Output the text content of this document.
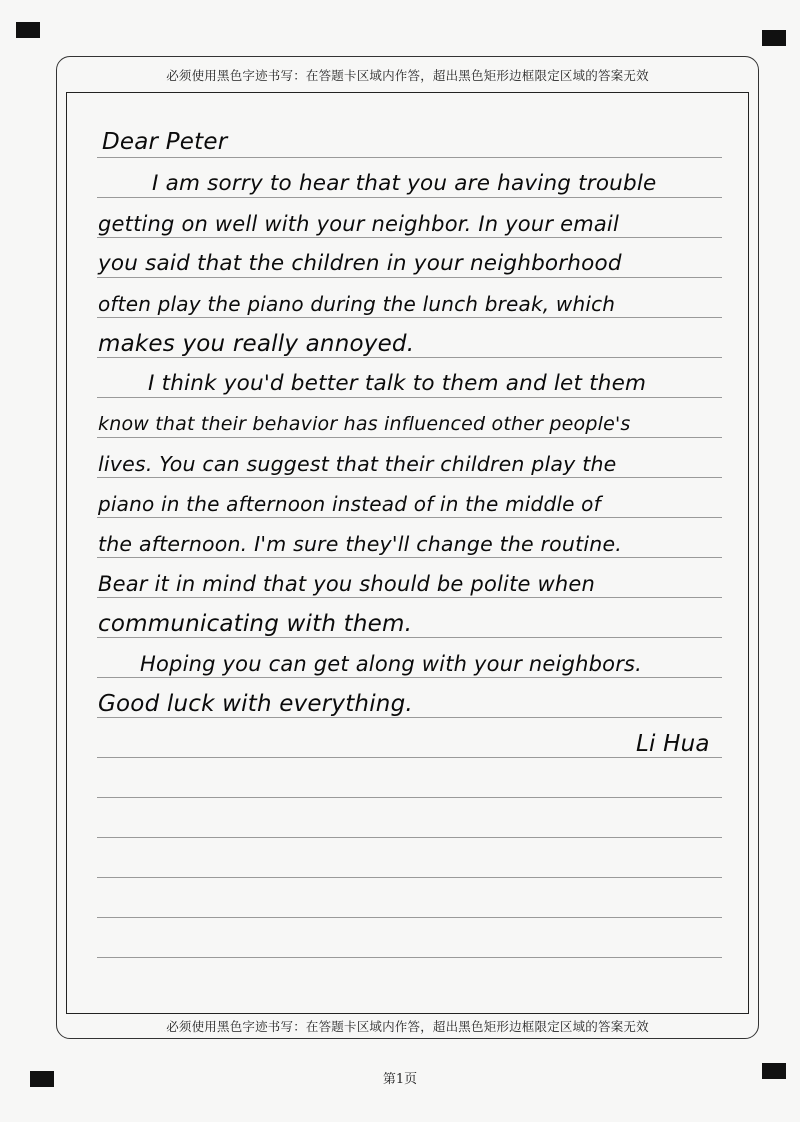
必须使用黑色字迹书写：在答题卡区域内作答，超出黑色矩形边框限定区域的答案无效
必须使用黑色字迹书写：在答题卡区域内作答，超出黑色矩形边框限定区域的答案无效
Dear Peter
I am sorry to hear that you are having trouble
getting on well with your neighbor. In your email
you said that the children in your neighborhood
often play the piano during the lunch break, which
makes you really annoyed.
I think you'd better talk to them and let them
know that their behavior has influenced other people's
lives. You can suggest that their children play the
piano in the afternoon instead of in the middle of
the afternoon. I'm sure they'll change the routine.
Bear it in mind that you should be polite when
communicating with them.
Hoping you can get along with your neighbors.
Good luck with everything.
Li Hua
第1页
